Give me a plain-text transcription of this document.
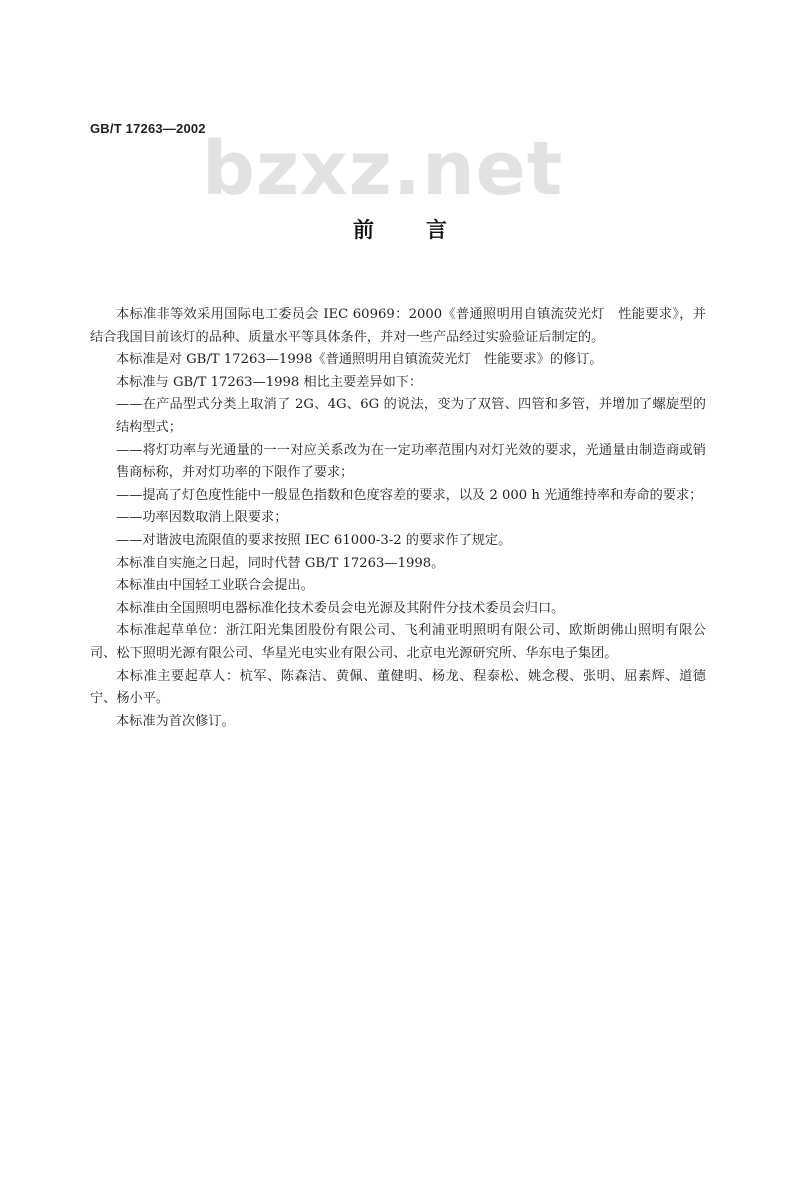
GB/T 17263—2002
bzxz.net
前言

本标准非等效采用国际电工委员会 IEC 60969：2000《普通照明用自镇流荧光灯　性能要求》，并结合我国目前该灯的品种、质量水平等具体条件，并对一些产品经过实验验证后制定的。

本标准是对 GB/T 17263—1998《普通照明用自镇流荧光灯　性能要求》的修订。

本标准与 GB/T 17263—1998 相比主要差异如下：

——在产品型式分类上取消了 2G、4G、6G 的说法，变为了双管、四管和多管，并增加了螺旋型的结构型式；

——将灯功率与光通量的一一对应关系改为在一定功率范围内对灯光效的要求，光通量由制造商或销售商标称，并对灯功率的下限作了要求；

——提高了灯色度性能中一般显色指数和色度容差的要求，以及 2 000 h 光通维持率和寿命的要求；

——功率因数取消上限要求；

——对谐波电流限值的要求按照 IEC 61000-3-2 的要求作了规定。

本标准自实施之日起，同时代替 GB/T 17263—1998。

本标准由中国轻工业联合会提出。

本标准由全国照明电器标准化技术委员会电光源及其附件分技术委员会归口。

本标准起草单位：浙江阳光集团股份有限公司、飞利浦亚明照明有限公司、欧斯朗佛山照明有限公司、松下照明光源有限公司、华星光电实业有限公司、北京电光源研究所、华东电子集团。

本标准主要起草人：杭军、陈森洁、黄佩、董健明、杨龙、程泰松、姚念稷、张明、屈素辉、道德宁、杨小平。

本标准为首次修订。
